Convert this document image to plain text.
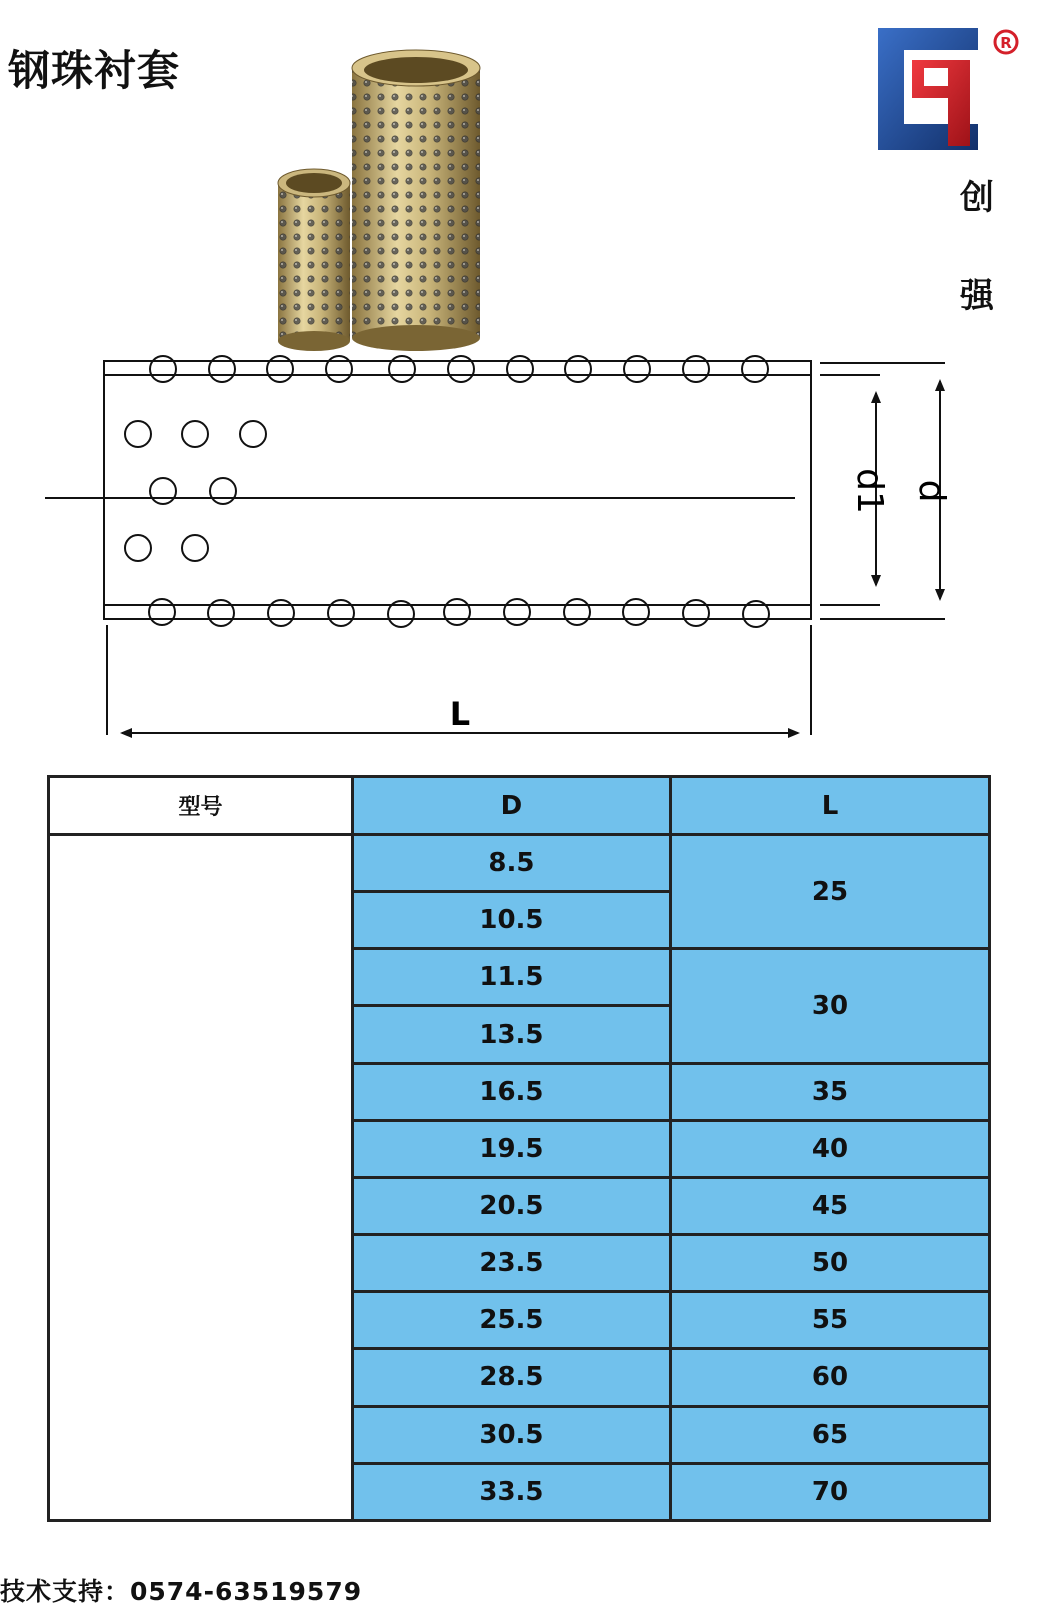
钢珠衬套
R
创
强
d1 d
L
型号	D	L
	8.5	25
	10.5	
	11.5	30
	13.5	
	16.5	35
	19.5	40
	20.5	45
	23.5	50
	25.5	55
	28.5	60
	30.5	65
	33.5	70
技术支持：0574-63519579
